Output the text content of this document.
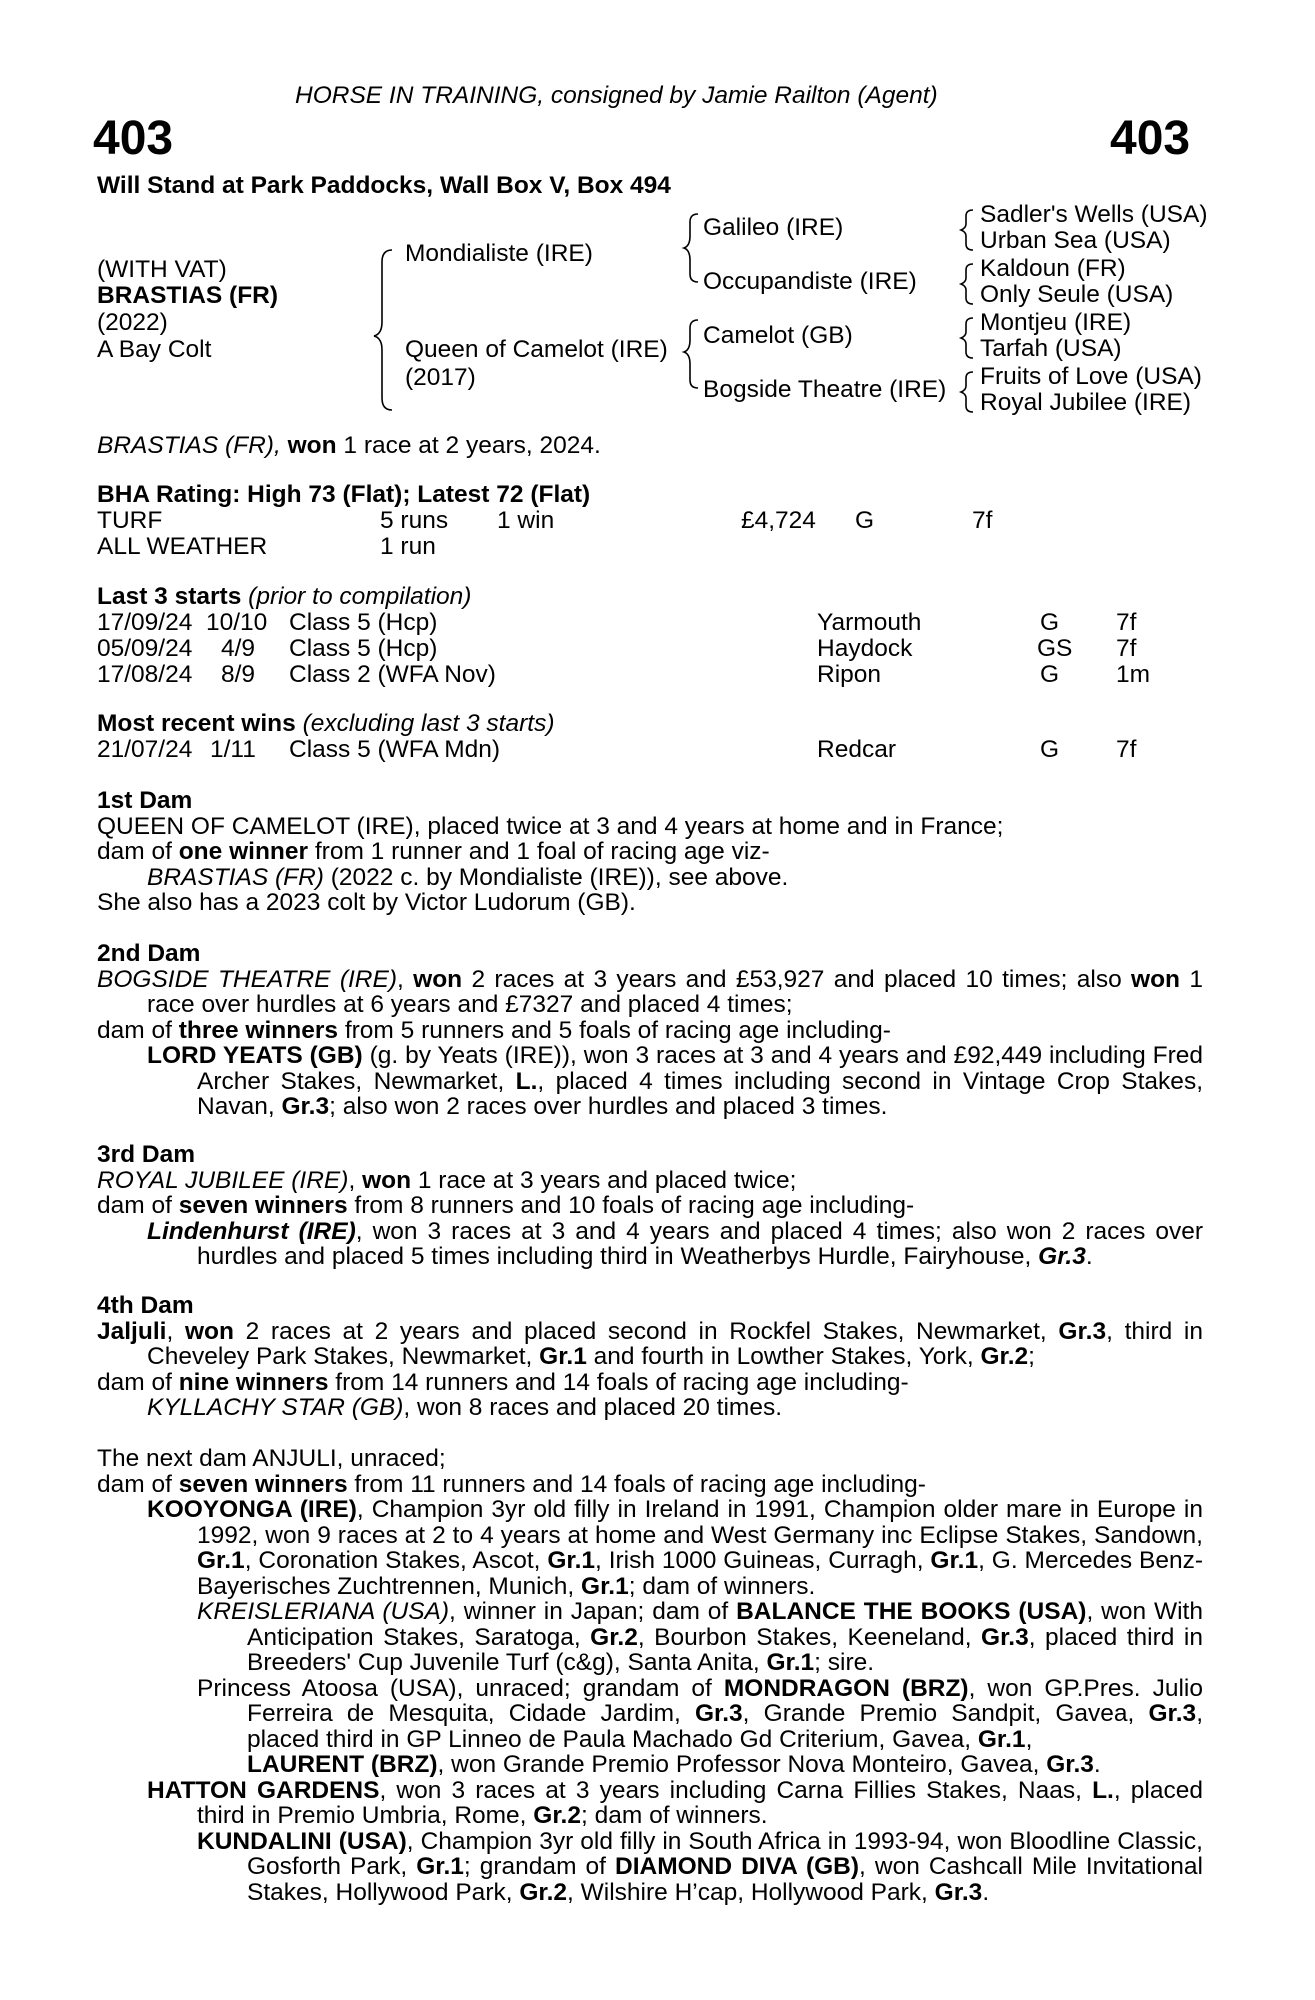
HORSE IN TRAINING, consigned by Jamie Railton (Agent)
403	403
Will Stand at Park Paddocks, Wall Box V, Box 494
(WITH VAT)
BRASTIAS (FR)
(2022)
A Bay Colt
Mondialiste (IRE)
Queen of Camelot (IRE)
(2017)
Galileo (IRE)
Occupandiste (IRE)
Camelot (GB)
Bogside Theatre (IRE)
Sadler's Wells (USA)
Urban Sea (USA)
Kaldoun (FR)
Only Seule (USA)
Montjeu (IRE)
Tarfah (USA)
Fruits of Love (USA)
Royal Jubilee (IRE)
BRASTIAS (FR), won 1 race at 2 years, 2024.
BHA Rating: High 73 (Flat); Latest 72 (Flat)
TURF	5 runs 1 win	£4,724 G	7f
ALL WEATHER	1 run
Last 3 starts (prior to compilation)
17/09/24 10/10 Class 5 (Hcp)	Yarmouth	G 7f
05/09/24 4/9 Class 5 (Hcp)	Haydock	GS 7f
17/08/24 8/9 Class 2 (WFA Nov)	Ripon	G 1m
Most recent wins (excluding last 3 starts)
21/07/24 1/11 Class 5 (WFA Mdn)	Redcar	G 7f

1st Dam

QUEEN OF CAMELOT (IRE), placed twice at 3 and 4 years at home and in France;

dam of one winner from 1 runner and 1 foal of racing age viz-

BRASTIAS (FR) (2022 c. by Mondialiste (IRE)), see above.

She also has a 2023 colt by Victor Ludorum (GB).

2nd Dam

BOGSIDE THEATRE (IRE), won 2 races at 3 years and £53,927 and placed 10 times; also won 1 race over hurdles at 6 years and £7327 and placed 4 times;

dam of three winners from 5 runners and 5 foals of racing age including-

LORD YEATS (GB) (g. by Yeats (IRE)), won 3 races at 3 and 4 years and £92,449 including Fred Archer Stakes, Newmarket, L., placed 4 times including second in Vintage Crop Stakes, Navan, Gr.3; also won 2 races over hurdles and placed 3 times.

3rd Dam

ROYAL JUBILEE (IRE), won 1 race at 3 years and placed twice;

dam of seven winners from 8 runners and 10 foals of racing age including-

Lindenhurst (IRE), won 3 races at 3 and 4 years and placed 4 times; also won 2 races over hurdles and placed 5 times including third in Weatherbys Hurdle, Fairyhouse, Gr.3.

4th Dam

Jaljuli, won 2 races at 2 years and placed second in Rockfel Stakes, Newmarket, Gr.3, third in Cheveley Park Stakes, Newmarket, Gr.1 and fourth in Lowther Stakes, York, Gr.2;

dam of nine winners from 14 runners and 14 foals of racing age including-

KYLLACHY STAR (GB), won 8 races and placed 20 times.

The next dam ANJULI, unraced;

dam of seven winners from 11 runners and 14 foals of racing age including-

KOOYONGA (IRE), Champion 3yr old filly in Ireland in 1991, Champion older mare in Europe in 1992, won 9 races at 2 to 4 years at home and West Germany inc Eclipse Stakes, Sandown, Gr.1, Coronation Stakes, Ascot, Gr.1, Irish 1000 Guineas, Curragh, Gr.1, G. Mercedes Benz-Bayerisches Zuchtrennen, Munich, Gr.1; dam of winners.

KREISLERIANA (USA), winner in Japan; dam of BALANCE THE BOOKS (USA), won With Anticipation Stakes, Saratoga, Gr.2, Bourbon Stakes, Keeneland, Gr.3, placed third in Breeders' Cup Juvenile Turf (c&g), Santa Anita, Gr.1; sire.

Princess Atoosa (USA), unraced; grandam of MONDRAGON (BRZ), won GP.Pres. Julio Ferreira de Mesquita, Cidade Jardim, Gr.3, Grande Premio Sandpit, Gavea, Gr.3, placed third in GP Linneo de Paula Machado Gd Criterium, Gavea, Gr.1,
LAURENT (BRZ), won Grande Premio Professor Nova Monteiro, Gavea, Gr.3.

HATTON GARDENS, won 3 races at 3 years including Carna Fillies Stakes, Naas, L., placed third in Premio Umbria, Rome, Gr.2; dam of winners.

KUNDALINI (USA), Champion 3yr old filly in South Africa in 1993-94, won Bloodline Classic, Gosforth Park, Gr.1; grandam of DIAMOND DIVA (GB), won Cashcall Mile Invitational Stakes, Hollywood Park, Gr.2, Wilshire H’cap, Hollywood Park, Gr.3.
